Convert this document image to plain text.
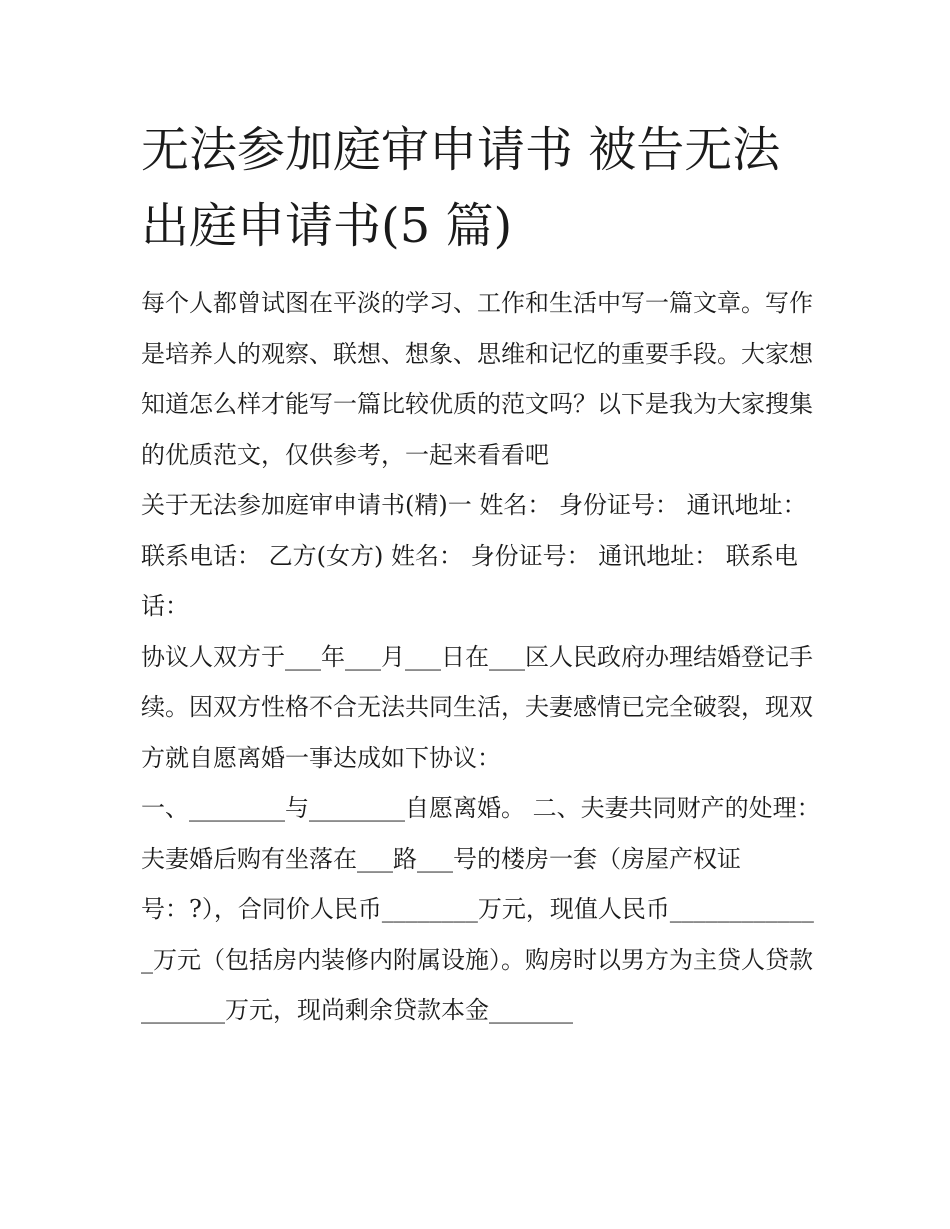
无法参加庭审申请书 被告无法
出庭申请书(5 篇)

每个人都曾试图在平淡的学习、工作和生活中写一篇文章。写作是培养人的观察、联想、想象、思维和记忆的重要手段。大家想知道怎么样才能写一篇比较优质的范文吗？以下是我为大家搜集的优质范文，仅供参考，一起来看看吧

关于无法参加庭审申请书(精)一 姓名： 身份证号： 通讯地址： 联系电话： 乙方(女方) 姓名： 身份证号： 通讯地址： 联系电话：

协议人双方于___年___月___日在___区人民政府办理结婚登记手续。因双方性格不合无法共同生活，夫妻感情已完全破裂，现双方就自愿离婚一事达成如下协议：

一、________与________自愿离婚。 二、夫妻共同财产的处理：

夫妻婚后购有坐落在___路___号的楼房一套（房屋产权证号：?），合同价人民币________万元，现值人民币_____________万元（包括房内装修内附属设施）。购房时以男方为主贷人贷款_______万元，现尚剩余贷款本金_______
